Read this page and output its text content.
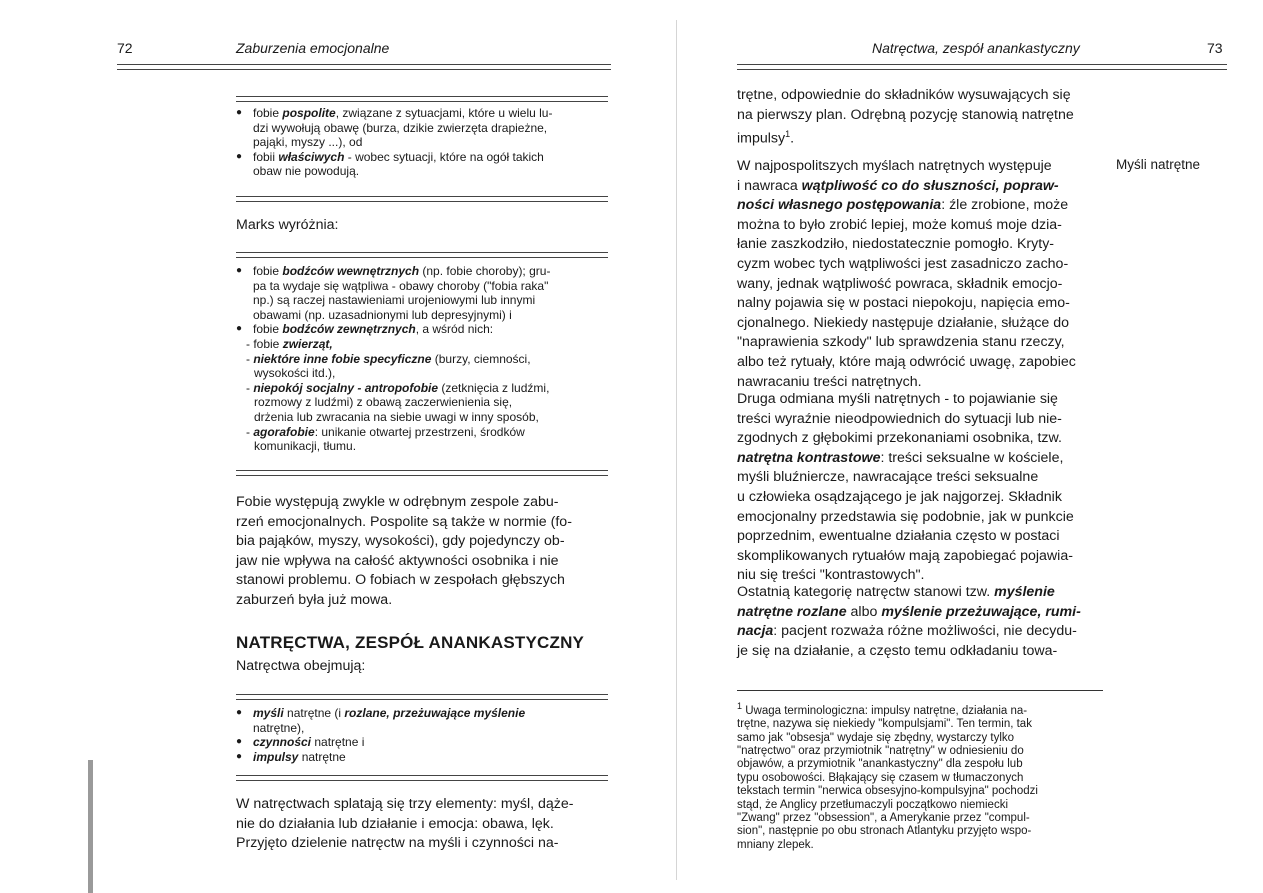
72	Zaburzenia emocjonalne
● fobie pospolite, związane z sytuacjami, które u wielu lu-
dzi wywołują obawę (burza, dzikie zwierzęta drapieżne,
pająki, myszy ...), od
● fobii właściwych - wobec sytuacji, które na ogół takich
obaw nie powodują.
Marks wyróżnia:
● fobie bodźców wewnętrznych (np. fobie choroby); gru-
pa ta wydaje się wątpliwa - obawy choroby ("fobia raka"
np.) są raczej nastawieniami urojeniowymi lub innymi
obawami (np. uzasadnionymi lub depresyjnymi) i
● fobie bodźców zewnętrznych, a wśród nich:
- fobie zwierząt,
- niektóre inne fobie specyficzne (burzy, ciemności,
wysokości itd.),
- niepokój socjalny - antropofobie (zetknięcia z ludźmi,
rozmowy z ludźmi) z obawą zaczerwienienia się,
drżenia lub zwracania na siebie uwagi w inny sposób,
- agorafobie: unikanie otwartej przestrzeni, środków
komunikacji, tłumu.
Fobie występują zwykle w odrębnym zespole zabu-
rzeń emocjonalnych. Pospolite są także w normie (fo-
bia pająków, myszy, wysokości), gdy pojedynczy ob-
jaw nie wpływa na całość aktywności osobnika i nie
stanowi problemu. O fobiach w zespołach głębszych
zaburzeń była już mowa.
NATRĘCTWA, ZESPÓŁ ANANKASTYCZNY
Natręctwa obejmują:
● myśli natrętne (i rozlane, przeżuwające myślenie
natrętne),
● czynności natrętne i
● impulsy natrętne
W natręctwach splatają się trzy elementy: myśl, dąże-
nie do działania lub działanie i emocja: obawa, lęk.
Przyjęto dzielenie natręctw na myśli i czynności na-
Natręctwa, zespół anankastyczny	73
trętne, odpowiednie do składników wysuwających się
na pierwszy plan. Odrębną pozycję stanowią natrętne
impulsy$^1$.
Myśli natrętne
W najpospolitszych myślach natrętnych występuje
i nawraca wątpliwość co do słuszności, popraw-
ności własnego postępowania: źle zrobione, może
można to było zrobić lepiej, może komuś moje dzia-
łanie zaszkodziło, niedostatecznie pomogło. Kryty-
cyzm wobec tych wątpliwości jest zasadniczo zacho-
wany, jednak wątpliwość powraca, składnik emocjo-
nalny pojawia się w postaci niepokoju, napięcia emo-
cjonalnego. Niekiedy następuje działanie, służące do
"naprawienia szkody" lub sprawdzenia stanu rzeczy,
albo też rytuały, które mają odwrócić uwagę, zapobiec
nawracaniu treści natrętnych.
Druga odmiana myśli natrętnych - to pojawianie się
treści wyraźnie nieodpowiednich do sytuacji lub nie-
zgodnych z głębokimi przekonaniami osobnika, tzw.
natrętna kontrastowe: treści seksualne w kościele,
myśli bluźniercze, nawracające treści seksualne
u człowieka osądzającego je jak najgorzej. Składnik
emocjonalny przedstawia się podobnie, jak w punkcie
poprzednim, ewentualne działania często w postaci
skomplikowanych rytuałów mają zapobiegać pojawia-
niu się treści "kontrastowych".
Ostatnią kategorię natręctw stanowi tzw. myślenie
natrętne rozlane albo myślenie przeżuwające, rumi-
nacja: pacjent rozważa różne możliwości, nie decydu-
je się na działanie, a często temu odkładaniu towa-
$^1$ Uwaga terminologiczna: impulsy natrętne, działania na-
trętne, nazywa się niekiedy "kompulsjami". Ten termin, tak
samo jak "obsesja" wydaje się zbędny, wystarczy tylko
"natręctwo" oraz przymiotnik "natrętny" w odniesieniu do
objawów, a przymiotnik "anankastyczny" dla zespołu lub
typu osobowości. Błąkający się czasem w tłumaczonych
tekstach termin "nerwica obsesyjno-kompulsyjna" pochodzi
stąd, że Anglicy przetłumaczyli początkowo niemiecki
"Zwang" przez "obsession", a Amerykanie przez "compul-
sion", następnie po obu stronach Atlantyku przyjęto wspo-
mniany zlepek.
